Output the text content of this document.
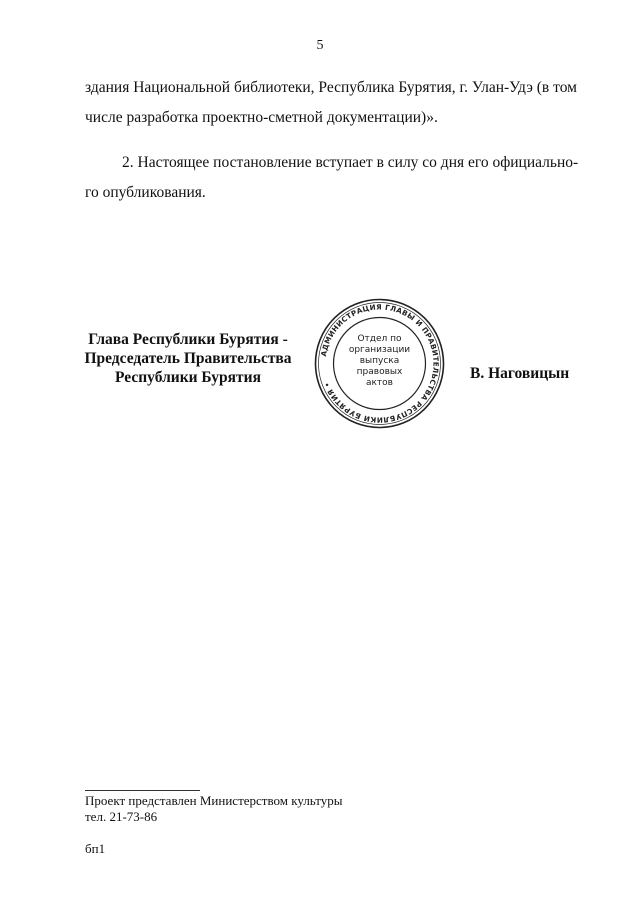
5

здания Национальной библиотеки, Республика Бурятия, г. Улан-Удэ (в том
числе разработка проектно-сметной документации)».

2. Настоящее постановление вступает в силу со дня его официально-
го опубликования.

Глава Республики Бурятия -
Председатель Правительства
Республики Бурятия
АДМИНИСТРАЦИЯ ГЛАВЫ И ПРАВИТЕЛЬСТВА РЕСПУБЛИКИ БУРЯТИЯ •
Отдел по
организации
выпуска
правовых
актов
В. Наговицын
Проект представлен Министерством культуры
тел. 21-73-86
бп1
